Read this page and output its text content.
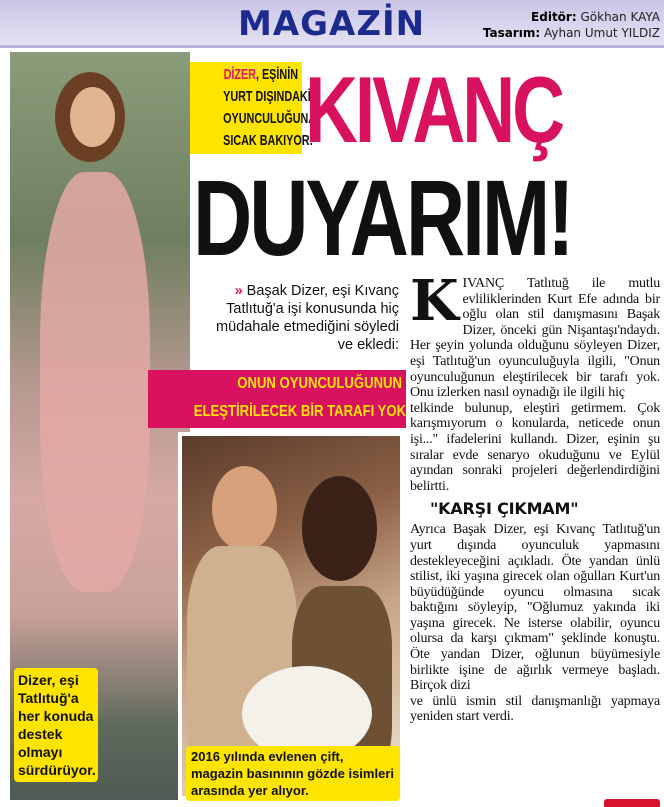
MAGAZİN	Editör: Gökhan KAYA
Tasarım: Ayhan Umut YILDIZ
DİZER, EŞİNİN
YURT DIŞINDAKİ
OYUNCULUĞUNA
SICAK BAKIYOR!
KIVANÇ
DUYARIM!
» Başak Dizer, eşi Kıvanç Tatlıtuğ'a işi konusunda hiç müdahale etmediğini söyledi ve ekledi:
ONUN OYUNCULUĞUNUN
ELEŞTİRİLECEK BİR TARAFI YOK

KIVANÇ Tatlıtuğ ile mutlu evliliklerinden Kurt Efe adında bir oğlu olan stil danışmasını Başak Dizer, önceki gün Nişantaşı'ndaydı. Her şeyin yolunda olduğunu söyleyen Dizer, eşi Tatlıtuğ'un oyunculuğuyla ilgili, "Onun oyunculuğunun eleştirilecek bir tarafı yok. Onu izlerken nasıl oynadığı ile ilgili hiç

telkinde bulunup, eleştiri getirmem. Çok karışmıyorum o konularda, neticede onun işi..." ifadelerini kullandı. Dizer, eşinin şu sıralar evde senaryo okuduğunu ve Eylül ayından sonraki projeleri değerlendirdiğini belirtti.

"KARŞI ÇIKMAM"

Ayrıca Başak Dizer, eşi Kıvanç Tatlıtuğ'un yurt dışında oyunculuk yapmasını destekleyeceğini açıkladı. Öte yandan ünlü stilist, iki yaşına girecek olan oğulları Kurt'un büyüdüğünde oyuncu olmasına sıcak baktığını söyleyip, "Oğlumuz yakında iki yaşına girecek. Ne isterse olabilir, oyuncu olursa da karşı çıkmam" şeklinde konuştu. Öte yandan Dizer, oğlunun büyümesiyle birlikte işine de ağırlık vermeye başladı. Birçok dizi

ve ünlü ismin stil danışmanlığı yapmaya yeniden start verdi.

Dizer, eşi Tatlıtuğ'a her konuda destek olmayı sürdürüyor.
2016 yılında evlenen çift, magazin basınının gözde isimleri arasında yer alıyor.
